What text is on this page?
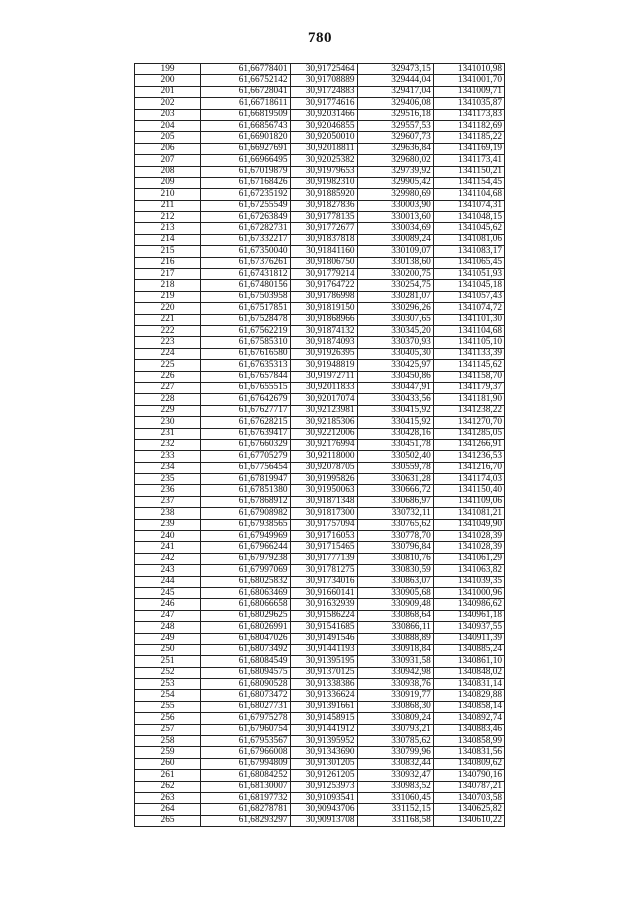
780
199	61,66778401	30,91725464	329473,15	1341010,98
200	61,66752142	30,91708889	329444,04	1341001,70
201	61,66728041	30,91724883	329417,04	1341009,71
202	61,66718611	30,91774616	329406,08	1341035,87
203	61,66819509	30,92031466	329516,18	1341173,83
204	61,66856743	30,92046855	329557,53	1341182,69
205	61,66901820	30,92050010	329607,73	1341185,22
206	61,66927691	30,92018811	329636,84	1341169,19
207	61,66966495	30,92025382	329680,02	1341173,41
208	61,67019879	30,91979653	329739,92	1341150,21
209	61,67168426	30,91982310	329905,42	1341154,45
210	61,67235192	30,91885920	329980,69	1341104,68
211	61,67255549	30,91827836	330003,90	1341074,31
212	61,67263849	30,91778135	330013,60	1341048,15
213	61,67282731	30,91772677	330034,69	1341045,62
214	61,67332217	30,91837818	330089,24	1341081,06
215	61,67350040	30,91841160	330109,07	1341083,17
216	61,67376261	30,91806750	330138,60	1341065,45
217	61,67431812	30,91779214	330200,75	1341051,93
218	61,67480156	30,91764722	330254,75	1341045,18
219	61,67503958	30,91786998	330281,07	1341057,43
220	61,67517851	30,91819150	330296,26	1341074,72
221	61,67528478	30,91868966	330307,65	1341101,30
222	61,67562219	30,91874132	330345,20	1341104,68
223	61,67585310	30,91874093	330370,93	1341105,10
224	61,67616580	30,91926395	330405,30	1341133,39
225	61,67635313	30,91948819	330425,97	1341145,62
226	61,67657844	30,91972711	330450,86	1341158,70
227	61,67655515	30,92011833	330447,91	1341179,37
228	61,67642679	30,92017074	330433,56	1341181,90
229	61,67627717	30,92123981	330415,92	1341238,22
230	61,67628215	30,92185306	330415,92	1341270,70
231	61,67639417	30,92212006	330428,16	1341285,05
232	61,67660329	30,92176994	330451,78	1341266,91
233	61,67705279	30,92118000	330502,40	1341236,53
234	61,67756454	30,92078705	330559,78	1341216,70
235	61,67819947	30,91995826	330631,28	1341174,03
236	61,67851380	30,91950063	330666,72	1341150,40
237	61,67868912	30,91871348	330686,97	1341109,06
238	61,67908982	30,91817300	330732,11	1341081,21
239	61,67938565	30,91757094	330765,62	1341049,90
240	61,67949969	30,91716053	330778,70	1341028,39
241	61,67966244	30,91715465	330796,84	1341028,39
242	61,67979238	30,91777139	330810,76	1341061,29
243	61,67997069	30,91781275	330830,59	1341063,82
244	61,68025832	30,91734016	330863,07	1341039,35
245	61,68063469	30,91660141	330905,68	1341000,96
246	61,68066658	30,91632939	330909,48	1340986,62
247	61,68029625	30,91586224	330868,64	1340961,18
248	61,68026991	30,91541685	330866,11	1340937,55
249	61,68047026	30,91491546	330888,89	1340911,39
250	61,68073492	30,91441193	330918,84	1340885,24
251	61,68084549	30,91395195	330931,58	1340861,10
252	61,68094575	30,91370125	330942,98	1340848,02
253	61,68090528	30,91338386	330938,76	1340831,14
254	61,68073472	30,91336624	330919,77	1340829,88
255	61,68027731	30,91391661	330868,30	1340858,14
256	61,67975278	30,91458915	330809,24	1340892,74
257	61,67960754	30,91441912	330793,21	1340883,46
258	61,67953567	30,91395952	330785,62	1340858,99
259	61,67966008	30,91343690	330799,96	1340831,56
260	61,67994809	30,91301205	330832,44	1340809,62
261	61,68084252	30,91261205	330932,47	1340790,16
262	61,68130007	30,91253973	330983,52	1340787,21
263	61,68197732	30,91093541	331060,45	1340703,58
264	61,68278781	30,90943706	331152,15	1340625,82
265	61,68293297	30,90913708	331168,58	1340610,22
